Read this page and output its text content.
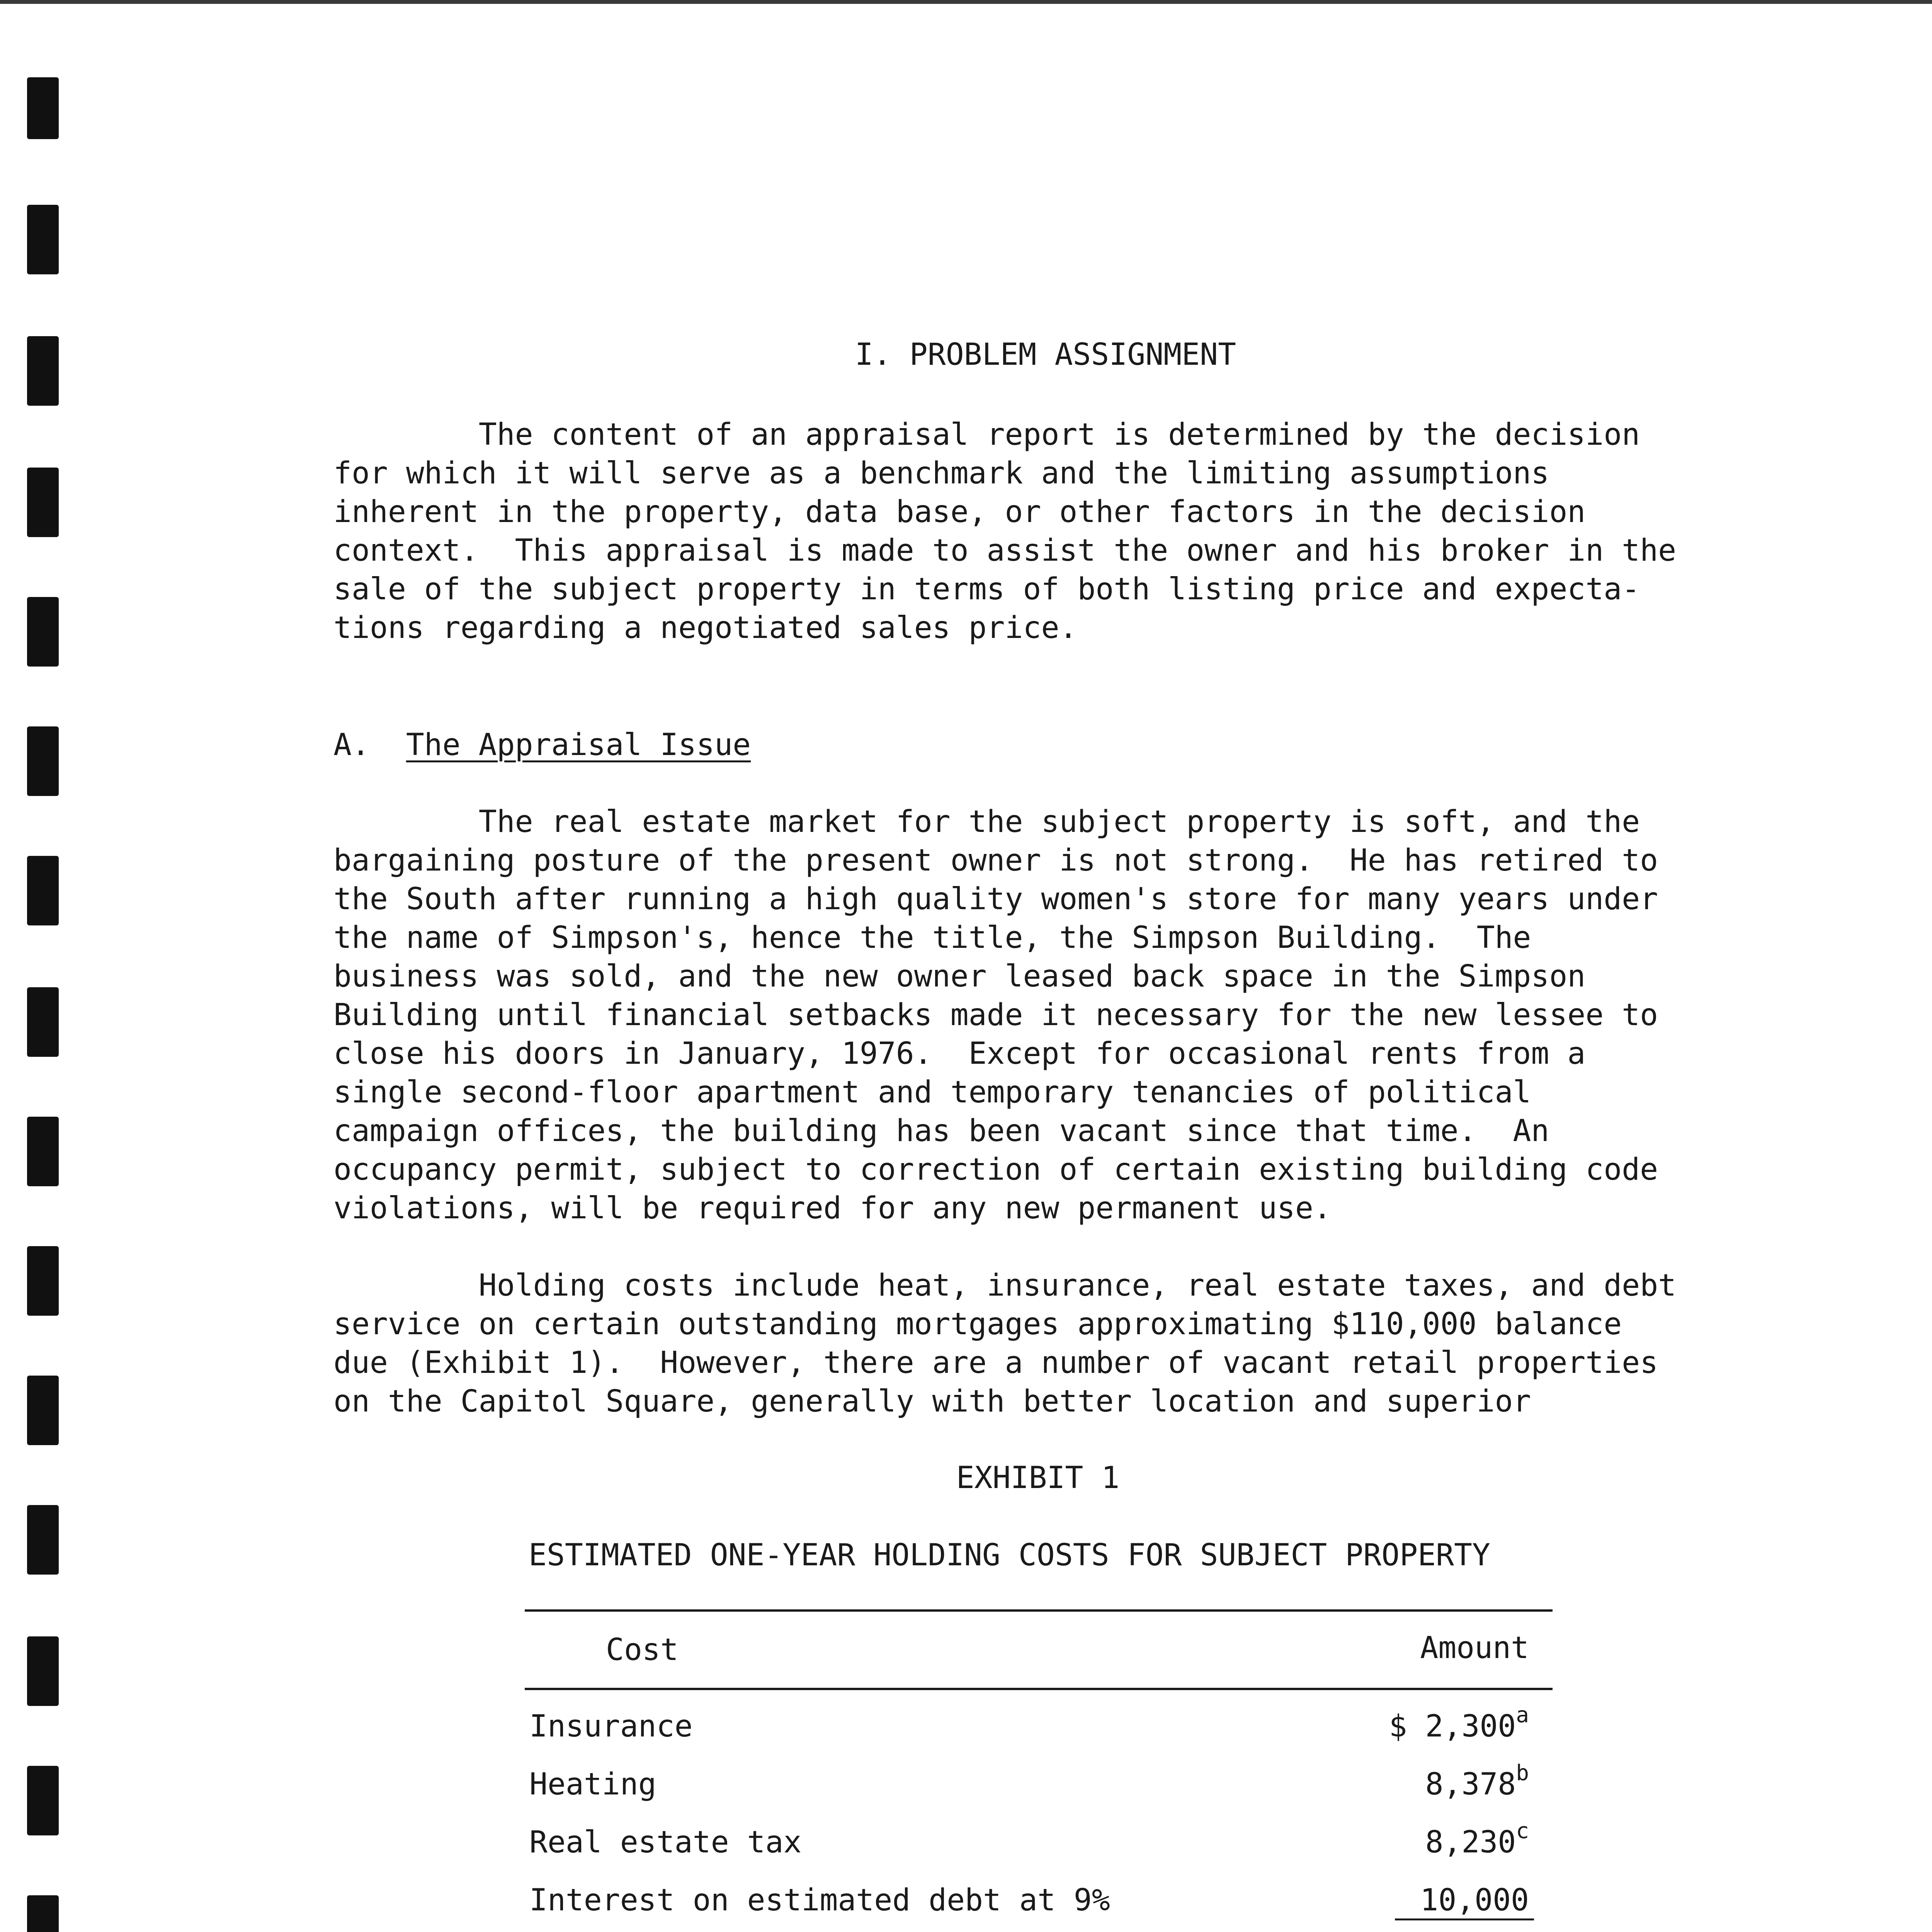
I. PROBLEM ASSIGNMENT
The content of an appraisal report is determined by the decision
for which it will serve as a benchmark and the limiting assumptions
inherent in the property, data base, or other factors in the decision
context.  This appraisal is made to assist the owner and his broker in the
sale of the subject property in terms of both listing price and expecta-
tions regarding a negotiated sales price.
A. The Appraisal Issue
The real estate market for the subject property is soft, and the
bargaining posture of the present owner is not strong.  He has retired to
the South after running a high quality women's store for many years under
the name of Simpson's, hence the title, the Simpson Building.  The
business was sold, and the new owner leased back space in the Simpson
Building until financial setbacks made it necessary for the new lessee to
close his doors in January, 1976.  Except for occasional rents from a
single second-floor apartment and temporary tenancies of political
campaign offices, the building has been vacant since that time.  An
occupancy permit, subject to correction of certain existing building code
violations, will be required for any new permanent use.
Holding costs include heat, insurance, real estate taxes, and debt
service on certain outstanding mortgages approximating $110,000 balance
due (Exhibit 1).  However, there are a number of vacant retail properties
on the Capitol Square, generally with better location and superior
EXHIBIT 1
ESTIMATED ONE-YEAR HOLDING COSTS FOR SUBJECT PROPERTY
Cost	Amount
Insurance	$ 2,300$^a$
Heating	8,378$^b$
Real estate tax	8,230$^c$
Interest on estimated debt at 9%	10,000
